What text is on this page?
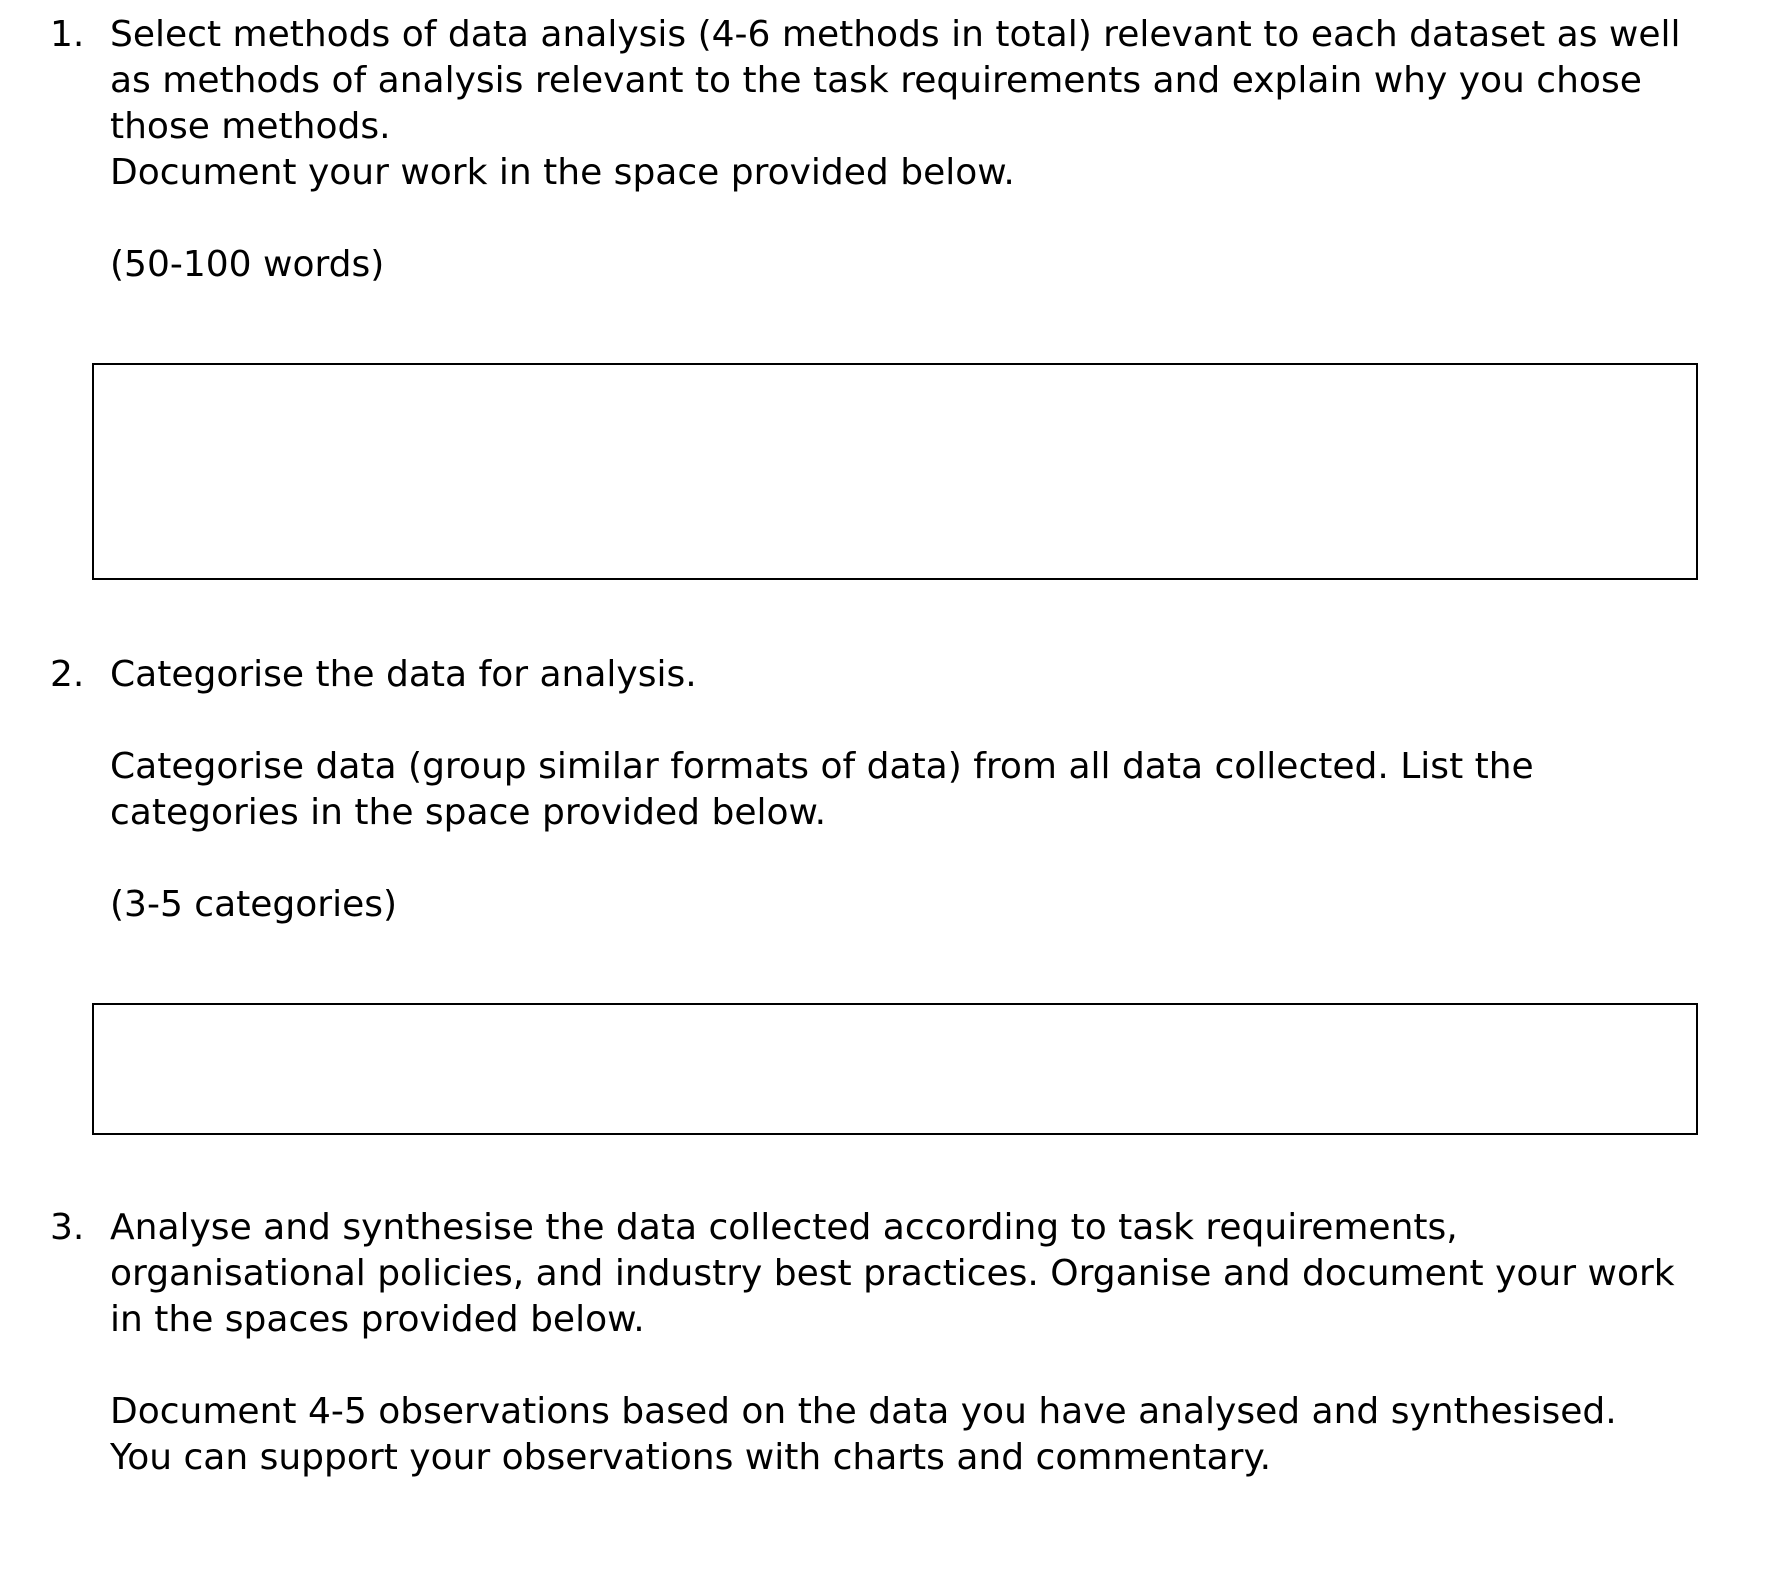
1. Select methods of data analysis (4-6 methods in total) relevant to each dataset as well

as methods of analysis relevant to the task requirements and explain why you chose

those methods.

Document your work in the space provided below.

(50-100 words)

2. Categorise the data for analysis.

Categorise data (group similar formats of data) from all data collected. List the

categories in the space provided below.

(3-5 categories)

3. Analyse and synthesise the data collected according to task requirements,

organisational policies, and industry best practices. Organise and document your work

in the spaces provided below.

Document 4-5 observations based on the data you have analysed and synthesised.

You can support your observations with charts and commentary.
